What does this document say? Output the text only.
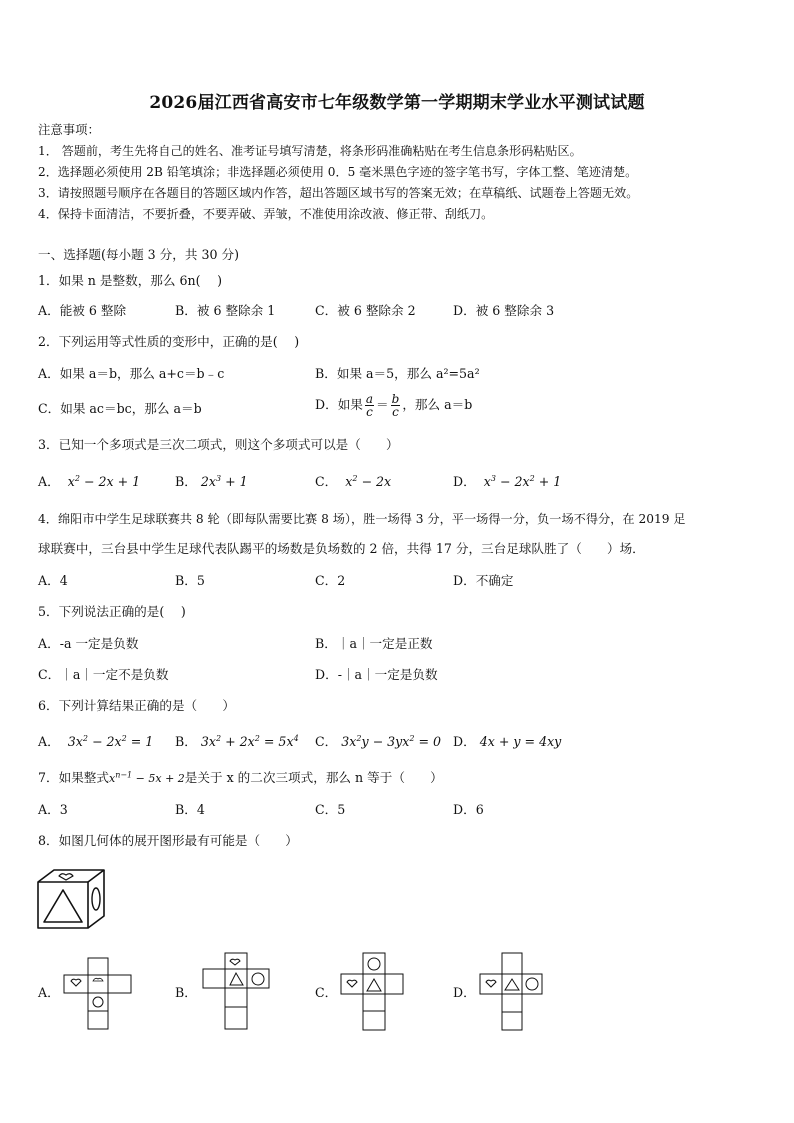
2026届江西省高安市七年级数学第一学期期末学业水平测试试题
注意事项：
1． 答题前，考生先将自己的姓名、准考证号填写清楚，将条形码准确粘贴在考生信息条形码粘贴区。
2．选择题必须使用 2B 铅笔填涂；非选择题必须使用 0．5 毫米黑色字迹的签字笔书写，字体工整、笔迹清楚。
3．请按照题号顺序在各题目的答题区域内作答，超出答题区域书写的答案无效；在草稿纸、试题卷上答题无效。
4．保持卡面清洁，不要折叠，不要弄破、弄皱，不准使用涂改液、修正带、刮纸刀。
一、选择题(每小题 3 分，共 30 分)
1．如果 n 是整数，那么 6n(　 )
A．能被 6 整除	B．被 6 整除余 1	C．被 6 整除余 2	D．被 6 整除余 3
2．下列运用等式性质的变形中，正确的是(　 )
A．如果 a＝b，那么 a+c＝b﹣c	B．如果 a＝5，那么 a²=5a²
C．如果 ac＝bc，那么 a＝b	D．如果 $\frac{a}{c} = \frac{b}{c}$ ，那么 a＝b
3．已知一个多项式是三次二项式，则这个多项式可以是（　　）
A． $x^2 - 2x + 1$	B． $2x^3 + 1$	C． $x^2 - 2x$	D． $x^3 - 2x^2 + 1$
4．绵阳市中学生足球联赛共 8 轮（即每队需要比赛 8 场），胜一场得 3 分，平一场得一分，负一场不得分，在 2019 足
球联赛中，三台县中学生足球代表队踢平的场数是负场数的 2 倍，共得 17 分，三台足球队胜了（　　）场．
A．4	B．5	C．2	D．不确定
5．下列说法正确的是(　 )
A．-a 一定是负数	B．｜a｜一定是正数
C．｜a｜一定不是负数	D．-｜a｜一定是负数
6．下列计算结果正确的是（　　）
A． $3x^2 - 2x^2 = 1$ B． $3x^2 + 2x^2 = 5x^4$ C． $3x^2y - 3yx^2 = 0$ D． 4x + y = 4xy
7．如果整式$x^{n-1} - 5x + 2$是关于 x 的二次三项式，那么 n 等于（　　）
A．3	B．4	C．5	D．6
8．如图几何体的展开图形最有可能是（　　）
A．	B．	C．	D．
